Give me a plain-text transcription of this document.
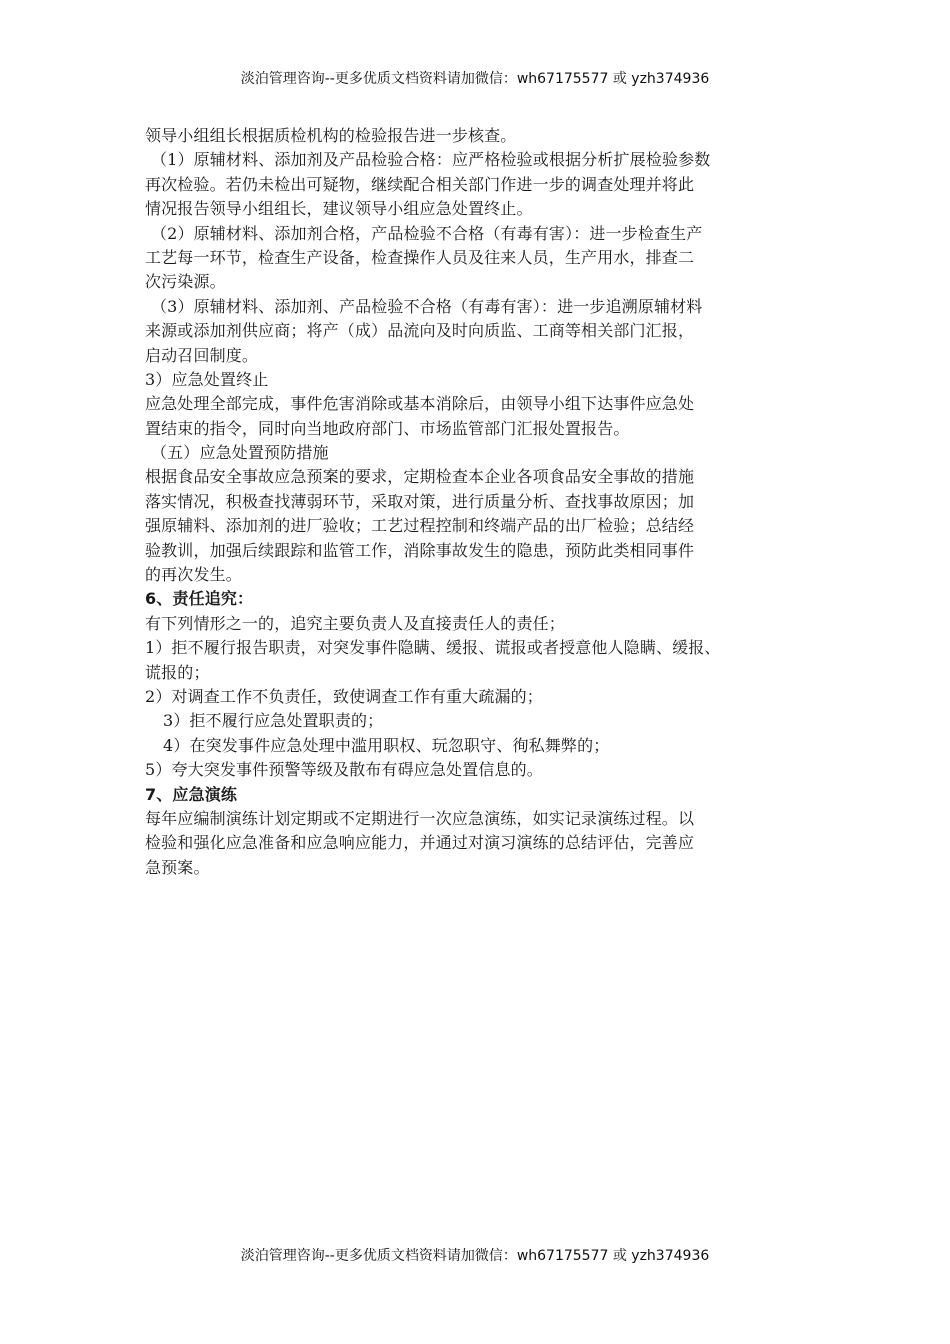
淡泊管理咨询--更多优质文档资料请加微信：wh67175577 或 yzh374936
领导小组组长根据质检机构的检验报告进一步核查。
（1）原辅材料、添加剂及产品检验合格：应严格检验或根据分析扩展检验参数
再次检验。若仍未检出可疑物，继续配合相关部门作进一步的调查处理并将此
情况报告领导小组组长，建议领导小组应急处置终止。
（2）原辅材料、添加剂合格，产品检验不合格（有毒有害）：进一步检查生产
工艺每一环节，检查生产设备，检查操作人员及往来人员，生产用水，排查二
次污染源。
（3）原辅材料、添加剂、产品检验不合格（有毒有害）：进一步追溯原辅材料
来源或添加剂供应商；将产（成）品流向及时向质监、工商等相关部门汇报，
启动召回制度。
3）应急处置终止
应急处理全部完成，事件危害消除或基本消除后，由领导小组下达事件应急处
置结束的指令，同时向当地政府部门、市场监管部门汇报处置报告。
（五）应急处置预防措施
根据食品安全事故应急预案的要求，定期检查本企业各项食品安全事故的措施
落实情况，积极查找薄弱环节，采取对策，进行质量分析、查找事故原因；加
强原辅料、添加剂的进厂验收；工艺过程控制和终端产品的出厂检验；总结经
验教训，加强后续跟踪和监管工作，消除事故发生的隐患，预防此类相同事件
的再次发生。
6、责任追究：
有下列情形之一的，追究主要负责人及直接责任人的责任；
1）拒不履行报告职责，对突发事件隐瞒、缓报、谎报或者授意他人隐瞒、缓报、
谎报的；
2）对调查工作不负责任，致使调查工作有重大疏漏的；
3）拒不履行应急处置职责的；
4）在突发事件应急处理中滥用职权、玩忽职守、徇私舞弊的；
5）夸大突发事件预警等级及散布有碍应急处置信息的。
7、应急演练
每年应编制演练计划定期或不定期进行一次应急演练，如实记录演练过程。以
检验和强化应急准备和应急响应能力，并通过对演习演练的总结评估，完善应
急预案。
淡泊管理咨询--更多优质文档资料请加微信：wh67175577 或 yzh374936
